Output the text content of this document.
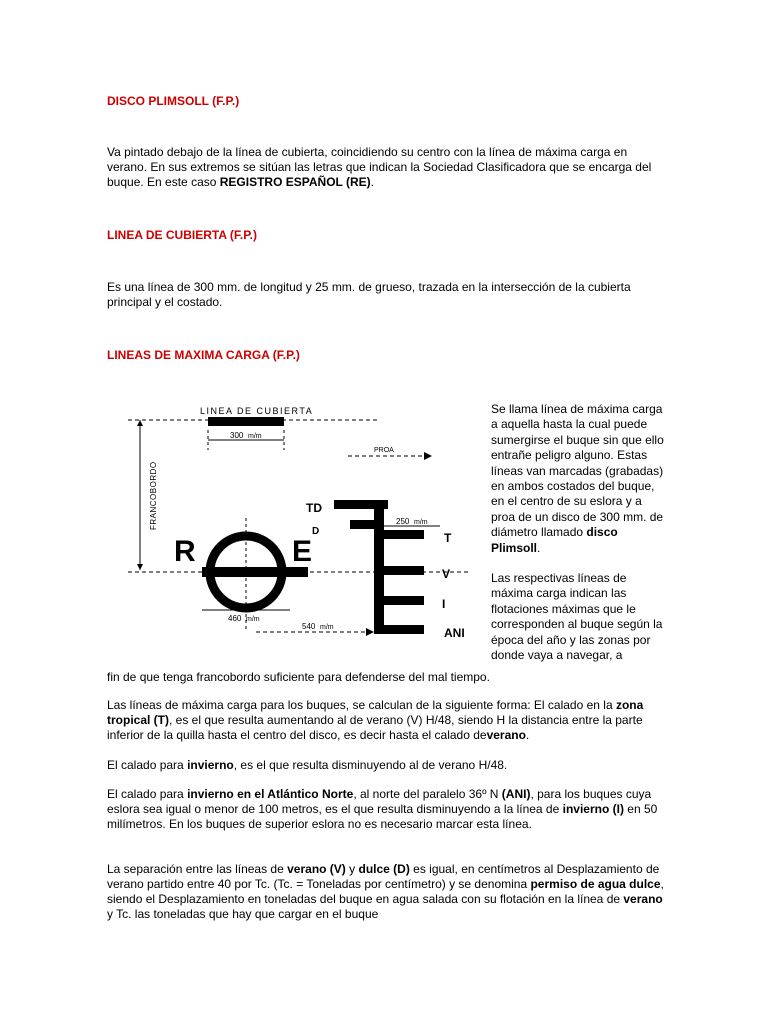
DISCO PLIMSOLL (F.P.)
Va pintado debajo de la línea de cubierta, coincidiendo su centro con la línea de máxima carga en verano. En sus extremos se sitúan las letras que indican la Sociedad Clasificadora que se encarga del buque. En este caso REGISTRO ESPAÑOL (RE).
LINEA DE CUBIERTA (F.P.)
Es una línea de 300 mm. de longitud y 25 mm. de grueso, trazada en la intersección de la cubierta principal y el costado.
LINEAS DE MAXIMA CARGA (F.P.)
LINEA DE CUBIERTA
300 m/m
PROA
FRANCOBORDO
R	E
460 m/m
540 m/m
TD
D	T
V
I
ANI
250 m/m

Se llama línea de máxima carga a aquella hasta la cual puede sumergirse el buque sin que ello entrañe peligro alguno. Estas líneas van marcadas (grabadas) en ambos costados del buque, en el centro de su eslora y a proa de un disco de 300 mm. de diámetro llamado disco Plimsoll.

Las respectivas líneas de máxima carga indican las flotaciones máximas que le corresponden al buque según la época del año y las zonas por donde vaya a navegar, a

fin de que tenga francobordo suficiente para defenderse del mal tiempo.
Las líneas de máxima carga para los buques, se calculan de la siguiente forma: El calado en la zona tropical (T), es el que resulta aumentando al de verano (V) H/48, siendo H la distancia entre la parte inferior de la quilla hasta el centro del disco, es decir hasta el calado deverano.
El calado para invierno, es el que resulta disminuyendo al de verano H/48.
El calado para invierno en el Atlántico Norte, al norte del paralelo 36º N (ANI), para los buques cuya eslora sea igual o menor de 100 metros, es el que resulta disminuyendo a la línea de invierno (I) en 50 milímetros. En los buques de superior eslora no es necesario marcar esta línea.
La separación entre las líneas de verano (V) y dulce (D) es igual, en centímetros al Desplazamiento de verano partido entre 40 por Tc. (Tc. = Toneladas por centímetro) y se denomina permiso de agua dulce, siendo el Desplazamiento en toneladas del buque en agua salada con su flotación en la línea de verano y Tc. las toneladas que hay que cargar en el buque
